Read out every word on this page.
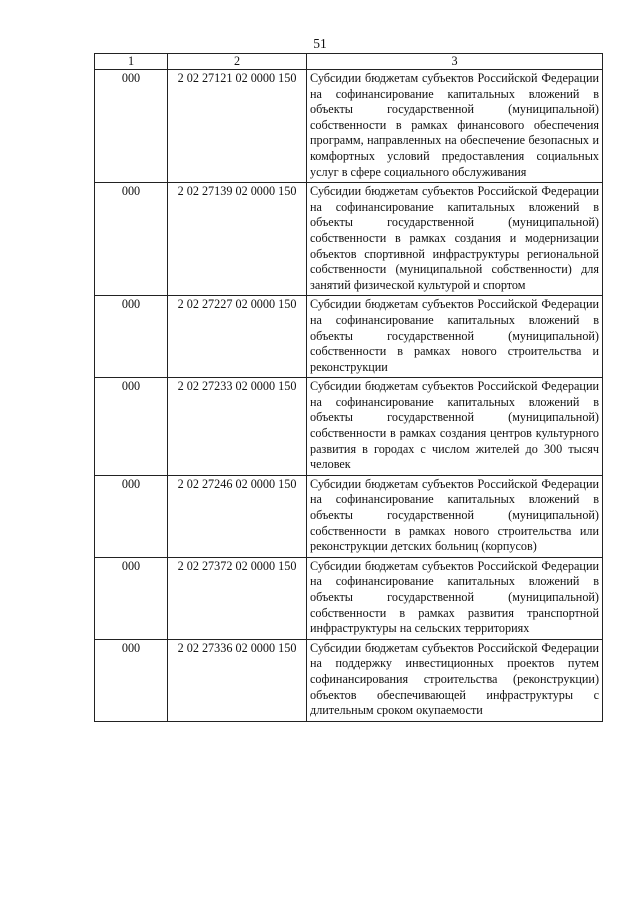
51
1	2	3
000	2 02 27121 02 0000 150	Субсидии бюджетам субъектов Российской Федерации на софинансирование капитальных вложений в объекты государственной (муниципальной) собственности в рамках финансового обеспечения программ, направленных на обеспечение безопасных и комфортных условий предоставления социальных услуг в сфере социального обслуживания
000	2 02 27139 02 0000 150	Субсидии бюджетам субъектов Российской Федерации на софинансирование капитальных вложений в объекты государственной (муниципальной) собственности в рамках создания и модернизации объектов спортивной инфраструктуры региональной собственности (муниципальной собственности) для занятий физической культурой и спортом
000	2 02 27227 02 0000 150	Субсидии бюджетам субъектов Российской Федерации на софинансирование капитальных вложений в объекты государственной (муниципальной) собственности в рамках нового строительства и реконструкции
000	2 02 27233 02 0000 150	Субсидии бюджетам субъектов Российской Федерации на софинансирование капитальных вложений в объекты государственной (муниципальной) собственности в рамках создания центров культурного развития в городах с числом жителей до 300 тысяч человек
000	2 02 27246 02 0000 150	Субсидии бюджетам субъектов Российской Федерации на софинансирование капитальных вложений в объекты государственной (муниципальной) собственности в рамках нового строительства или реконструкции детских больниц (корпусов)
000	2 02 27372 02 0000 150	Субсидии бюджетам субъектов Российской Федерации на софинансирование капитальных вложений в объекты государственной (муниципальной) собственности в рамках развития транспортной инфраструктуры на сельских территориях
000	2 02 27336 02 0000 150	Субсидии бюджетам субъектов Российской Федерации на поддержку инвестиционных проектов путем софинансирования строительства (реконструкции) объектов обеспечивающей инфраструктуры с длительным сроком окупаемости
